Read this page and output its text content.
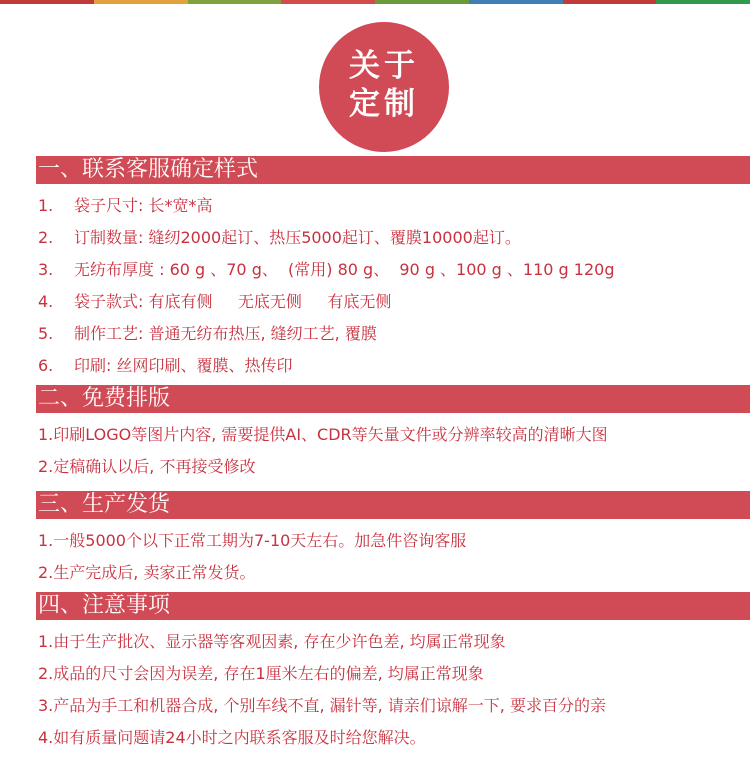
关于
定制
一、联系客服确定样式
1. 袋子尺寸: 长*宽*高
2. 订制数量: 缝纫2000起订、热压5000起订、覆膜10000起订。
3. 无纺布厚度 : 60 g 、70 g、  (常用) 80 g、  90 g 、100 g 、110 g 120g
4. 袋子款式: 有底有侧     无底无侧     有底无侧
5. 制作工艺: 普通无纺布热压, 缝纫工艺, 覆膜
6. 印刷: 丝网印刷、覆膜、热传印
二、免费排版
1.印刷LOGO等图片内容, 需要提供AI、CDR等矢量文件或分辨率较高的清晰大图
2.定稿确认以后, 不再接受修改
三、生产发货
1.一般5000个以下正常工期为7-10天左右。加急件咨询客服
2.生产完成后, 卖家正常发货。
四、注意事项
1.由于生产批次、显示器等客观因素, 存在少许色差, 均属正常现象
2.成品的尺寸会因为误差, 存在1厘米左右的偏差, 均属正常现象
3.产品为手工和机器合成, 个别车线不直, 漏针等, 请亲们谅解一下, 要求百分的亲
4.如有质量问题请24小时之内联系客服及时给您解决。
